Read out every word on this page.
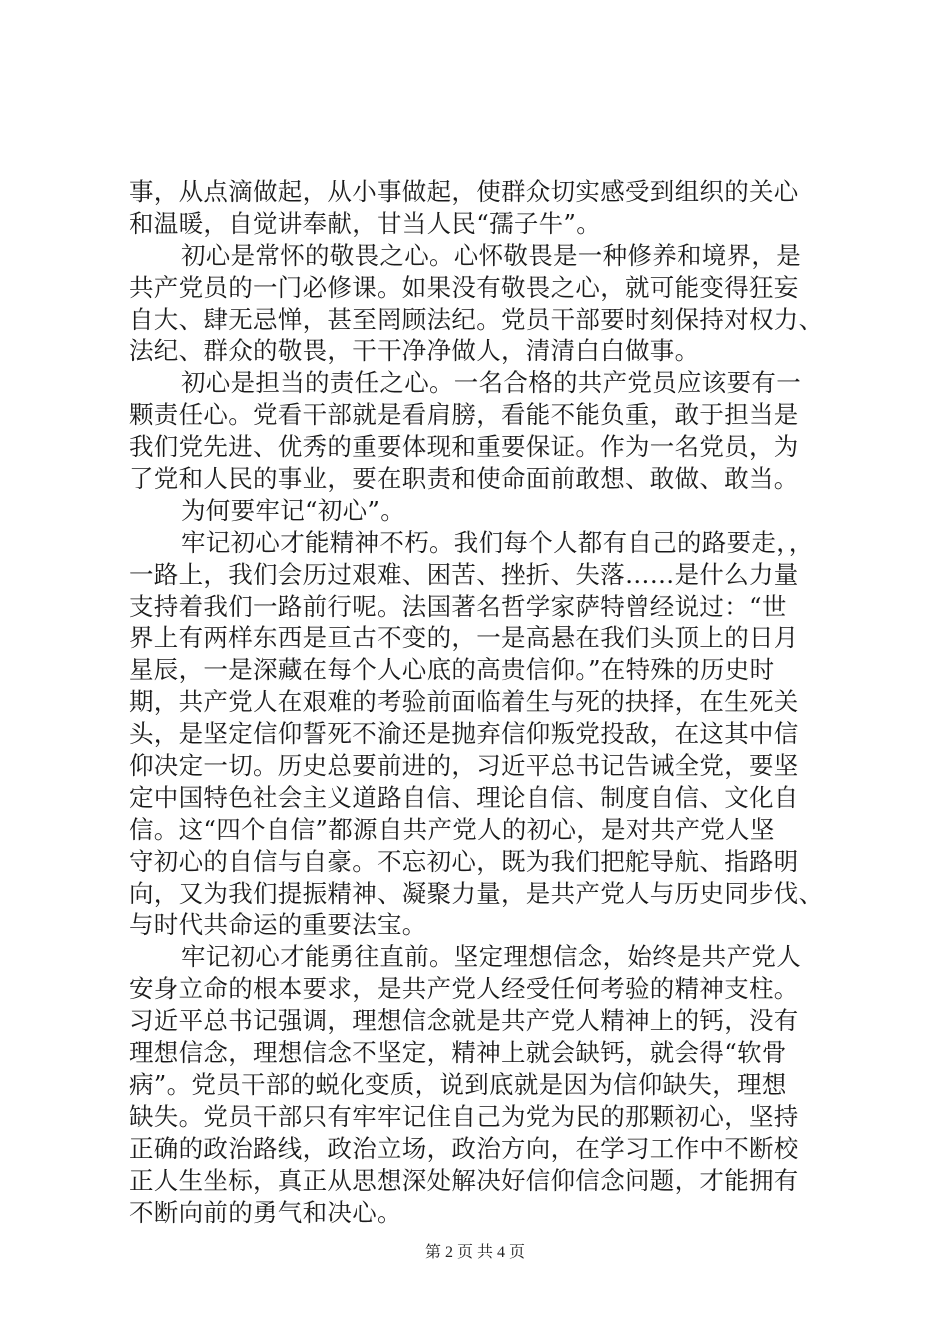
事，从点滴做起，从小事做起，使群众切实感受到组织的关心
和温暖，自觉讲奉献，甘当人民“孺子牛”。
初心是常怀的敬畏之心。心怀敬畏是一种修养和境界，是
共产党员的一门必修课。如果没有敬畏之心，就可能变得狂妄
自大、肆无忌惮，甚至罔顾法纪。党员干部要时刻保持对权力、
法纪、群众的敬畏，干干净净做人，清清白白做事。
初心是担当的责任之心。一名合格的共产党员应该要有一
颗责任心。党看干部就是看肩膀，看能不能负重，敢于担当是
我们党先进、优秀的重要体现和重要保证。作为一名党员，为
了党和人民的事业，要在职责和使命面前敢想、敢做、敢当。
为何要牢记“初心”。
牢记初心才能精神不朽。我们每个人都有自己的路要走，，
一路上，我们会历过艰难、困苦、挫折、失落……是什么力量
支持着我们一路前行呢。法国著名哲学家萨特曾经说过：“世
界上有两样东西是亘古不变的，一是高悬在我们头顶上的日月
星辰，一是深藏在每个人心底的高贵信仰。”在特殊的历史时
期，共产党人在艰难的考验前面临着生与死的抉择，在生死关
头，是坚定信仰誓死不渝还是抛弃信仰叛党投敌，在这其中信
仰决定一切。历史总要前进的，习近平总书记告诫全党，要坚
定中国特色社会主义道路自信、理论自信、制度自信、文化自
信。这“四个自信”都源自共产党人的初心，是对共产党人坚
守初心的自信与自豪。不忘初心，既为我们把舵导航、指路明
向，又为我们提振精神、凝聚力量，是共产党人与历史同步伐、
与时代共命运的重要法宝。
牢记初心才能勇往直前。坚定理想信念，始终是共产党人
安身立命的根本要求，是共产党人经受任何考验的精神支柱。
习近平总书记强调，理想信念就是共产党人精神上的钙，没有
理想信念，理想信念不坚定，精神上就会缺钙，就会得“软骨
病”。党员干部的蜕化变质，说到底就是因为信仰缺失，理想
缺失。党员干部只有牢牢记住自己为党为民的那颗初心，坚持
正确的政治路线，政治立场，政治方向，在学习工作中不断校
正人生坐标，真正从思想深处解决好信仰信念问题，才能拥有
不断向前的勇气和决心。
第 2 页 共 4 页
